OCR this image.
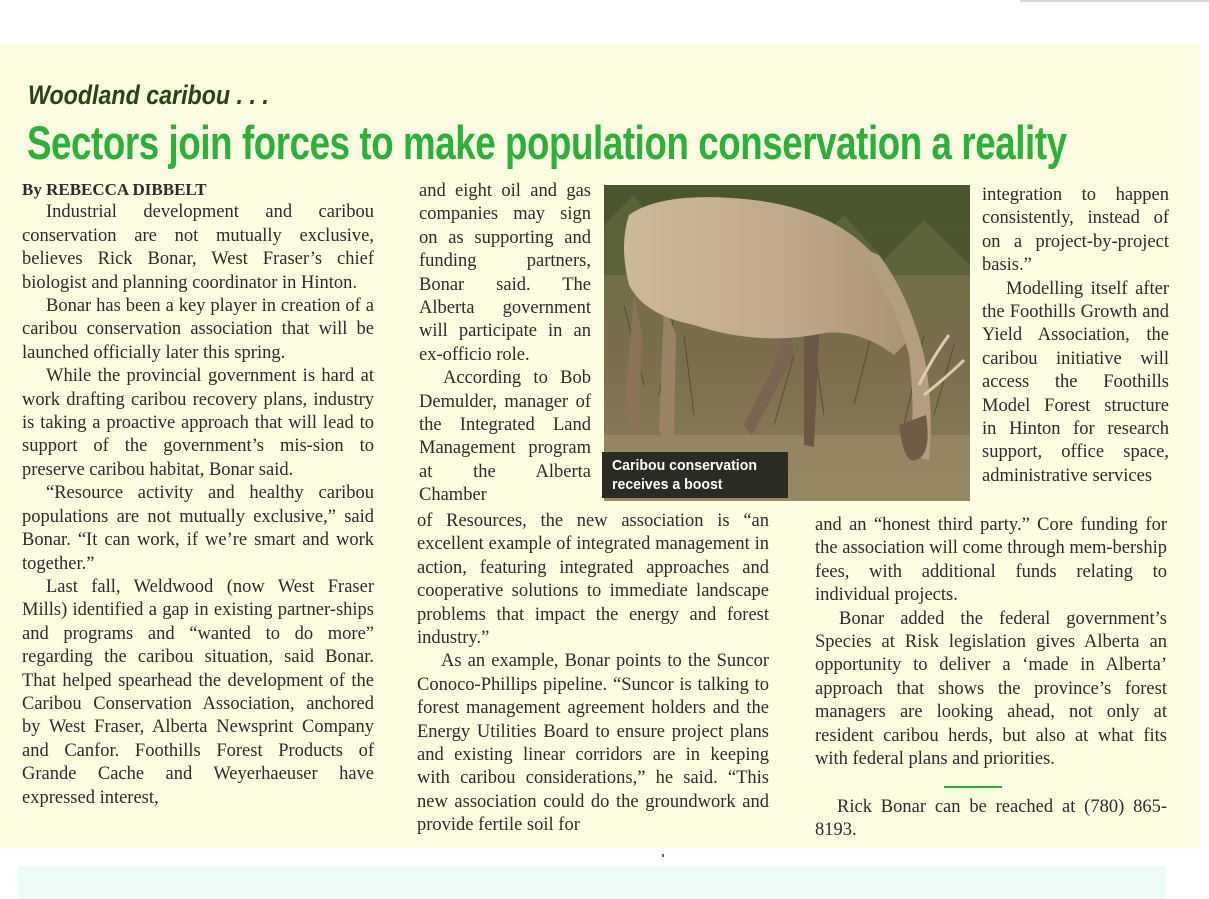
Woodland caribou . . .
Sectors join forces to make population conservation a reality

By REBECCA DIBBELT

Industrial development and caribou conservation are not mutually exclusive, believes Rick Bonar, West Fraser’s chief biologist and planning coordinator in Hinton.

Bonar has been a key player in creation of a caribou conservation association that will be launched officially later this spring.

While the provincial government is hard at work drafting caribou recovery plans, industry is taking a proactive approach that will lead to support of the government’s mis-sion to preserve caribou habitat, Bonar said.

“Resource activity and healthy caribou populations are not mutually exclusive,” said Bonar. “It can work, if we’re smart and work together.”

Last fall, Weldwood (now West Fraser Mills) identified a gap in existing partner-ships and programs and “wanted to do more” regarding the caribou situation, said Bonar. That helped spearhead the development of the Caribou Conservation Association, anchored by West Fraser, Alberta Newsprint Company and Canfor. Foothills Forest Products of Grande Cache and Weyerhaeuser have expressed interest,

and eight oil and gas companies may sign on as supporting and funding partners, Bonar said. The Alberta government will participate in an ex-officio role.

According to Bob Demulder, manager of the Integrated Land Management program at the Alberta Chamber

Caribou conservation
receives a boost

of Resources, the new association is “an excellent example of integrated management in action, featuring integrated approaches and cooperative solutions to immediate landscape problems that impact the energy and forest industry.”

As an example, Bonar points to the Suncor Conoco-Phillips pipeline. “Suncor is talking to forest management agreement holders and the Energy Utilities Board to ensure project plans and existing linear corridors are in keeping with caribou considerations,” he said. “This new association could do the groundwork and provide fertile soil for

integration to happen consistently, instead of on a project-by-project basis.”

Modelling itself after the Foothills Growth and Yield Association, the caribou initiative will access the Foothills Model Forest structure in Hinton for research support, office space, administrative services

and an “honest third party.” Core funding for the association will come through mem-bership fees, with additional funds relating to individual projects.

Bonar added the federal government’s Species at Risk legislation gives Alberta an opportunity to deliver a ‘made in Alberta’ approach that shows the province’s forest managers are looking ahead, not only at resident caribou herds, but also at what fits with federal plans and priorities.

Rick Bonar can be reached at (780) 865-8193.
